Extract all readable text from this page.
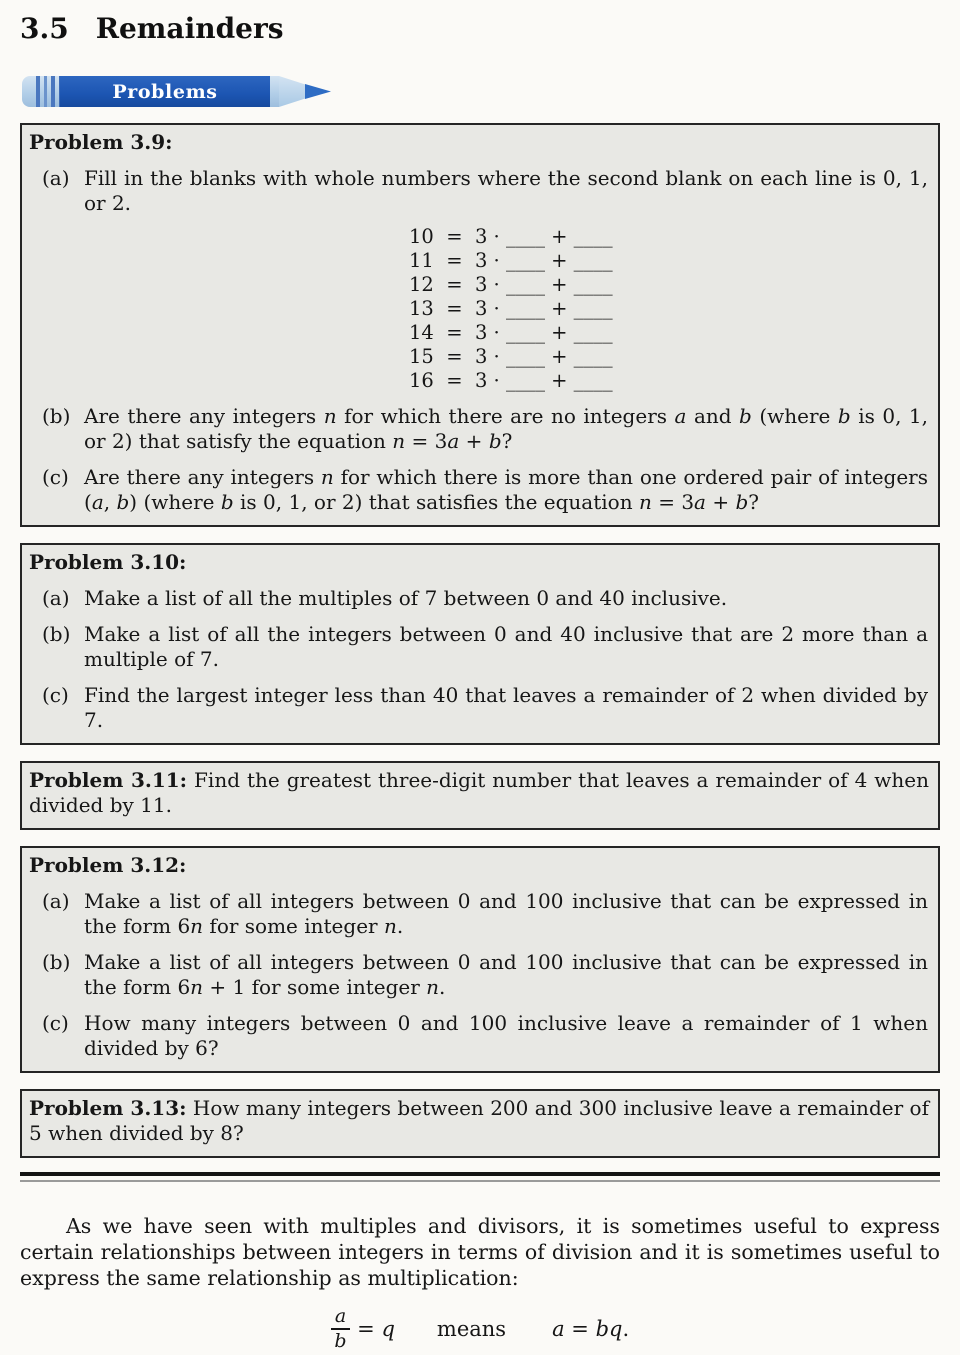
3.5 Remainders
Problems
Problem 3.9:
(a) Fill in the blanks with whole numbers where the second blank on each line is 0, 1, or 2.
10  =  3 · ____ + ____
11  =  3 · ____ + ____
12  =  3 · ____ + ____
13  =  3 · ____ + ____
14  =  3 · ____ + ____
15  =  3 · ____ + ____
16  =  3 · ____ + ____
(b) Are there any integers n for which there are no integers a and b (where b is 0, 1, or 2) that satisfy the equation n = 3a + b?
(c) Are there any integers n for which there is more than one ordered pair of integers (a, b) (where b is 0, 1, or 2) that satisfies the equation n = 3a + b?
Problem 3.10:
(a) Make a list of all the multiples of 7 between 0 and 40 inclusive.
(b) Make a list of all the integers between 0 and 40 inclusive that are 2 more than a multiple of 7.
(c) Find the largest integer less than 40 that leaves a remainder of 2 when divided by 7.

Problem 3.11: Find the greatest three-digit number that leaves a remainder of 4 when divided by 11.

Problem 3.12:
(a) Make a list of all integers between 0 and 100 inclusive that can be expressed in the form 6n for some integer n.
(b) Make a list of all integers between 0 and 100 inclusive that can be expressed in the form 6n + 1 for some integer n.
(c) How many integers between 0 and 100 inclusive leave a remainder of 1 when divided by 6?

Problem 3.13: How many integers between 200 and 300 inclusive leave a remainder of 5 when divided by 8?

As we have seen with multiples and divisors, it is sometimes useful to express certain relationships between integers in terms of division and it is sometimes useful to express the same relationship as multiplication:

$\frac{a}{b} = q$ means a = bq.
